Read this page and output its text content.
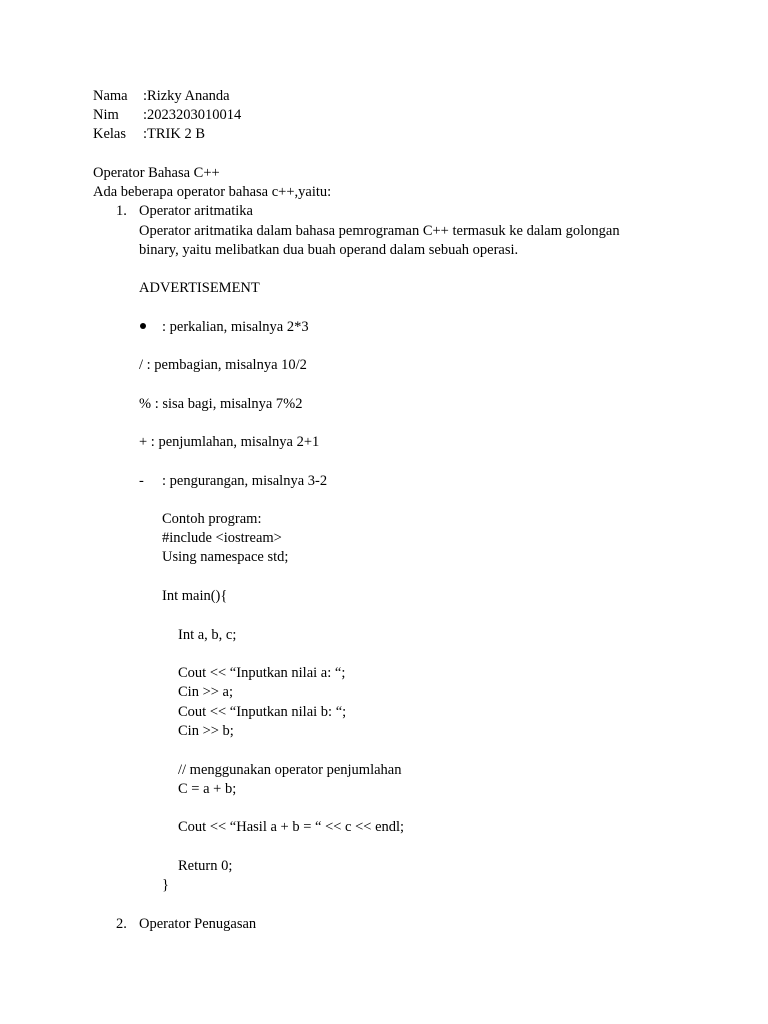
Nama :Rizky Ananda
Nim :2023203010014
Kelas :TRIK 2 B
Operator Bahasa C++
Ada beberapa operator bahasa c++,yaitu:
1. Operator aritmatika
Operator aritmatika dalam bahasa pemrograman C++ termasuk ke dalam golongan
binary, yaitu melibatkan dua buah operand dalam sebuah operasi.
ADVERTISEMENT
: perkalian, misalnya 2*3
/ : pembagian, misalnya 10/2
% : sisa bagi, misalnya 7%2
+ : penjumlahan, misalnya 2+1
- : pengurangan, misalnya 3-2
Contoh program:
#include <iostream>
Using namespace std;
Int main(){
Int a, b, c;
Cout << “Inputkan nilai a: “;
Cin >> a;
Cout << “Inputkan nilai b: “;
Cin >> b;
// menggunakan operator penjumlahan
C = a + b;
Cout << “Hasil a + b = “ << c << endl;
Return 0;
}
2. Operator Penugasan
